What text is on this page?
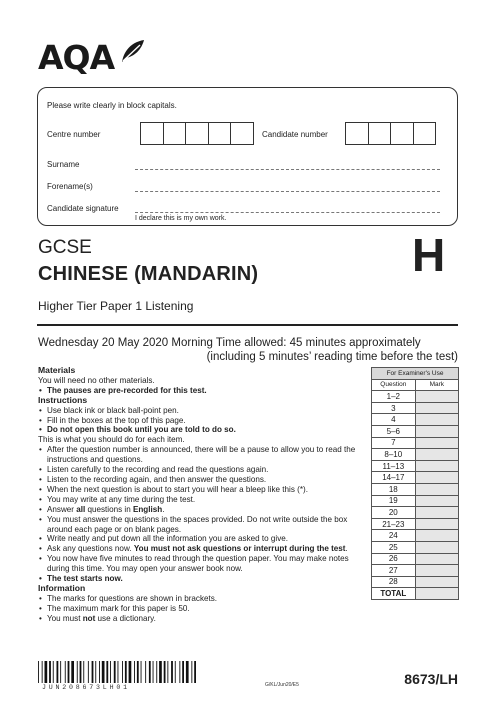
AQA
Please write clearly in block capitals.
Centre number	Candidate number
Surname
Forename(s)
Candidate signature
I declare this is my own work.
GCSE
CHINESE (MANDARIN)	H
Higher Tier Paper 1 Listening
Wednesday 20 May 2020 Morning Time allowed: 45 minutes approximately
(including 5 minutes’ reading time before the test)
Materials
You will need no other materials.
• The pauses are pre-recorded for this test.
Instructions
• Use black ink or black ball-point pen.
• Fill in the boxes at the top of this page.
• Do not open this book until you are told to do so.
This is what you should do for each item.
• After the question number is announced, there will be a pause to allow you to read the instructions and questions.
• Listen carefully to the recording and read the questions again.
• Listen to the recording again, and then answer the questions.
• When the next question is about to start you will hear a bleep like this (*).
• You may write at any time during the test.
• Answer all questions in English.
• You must answer the questions in the spaces provided. Do not write outside the box around each page or on blank pages.
• Write neatly and put down all the information you are asked to give.
• Ask any questions now. You must not ask questions or interrupt during the test.
• You now have five minutes to read through the question paper. You may make notes during this time. You may open your answer book now.
• The test starts now.
Information
• The marks for questions are shown in brackets.
• The maximum mark for this paper is 50.
• You must not use a dictionary.
For Examiner's Use	
Question	Mark
1–2	
3	
4	
5–6	
7	
8–10	
11–13	
14–17	
18	
19	
20	
21–23	
24	
25	
26	
27	
28	
TOTAL	
JUN208673LH01	G/KL/Jun20/E5	8673/LH
